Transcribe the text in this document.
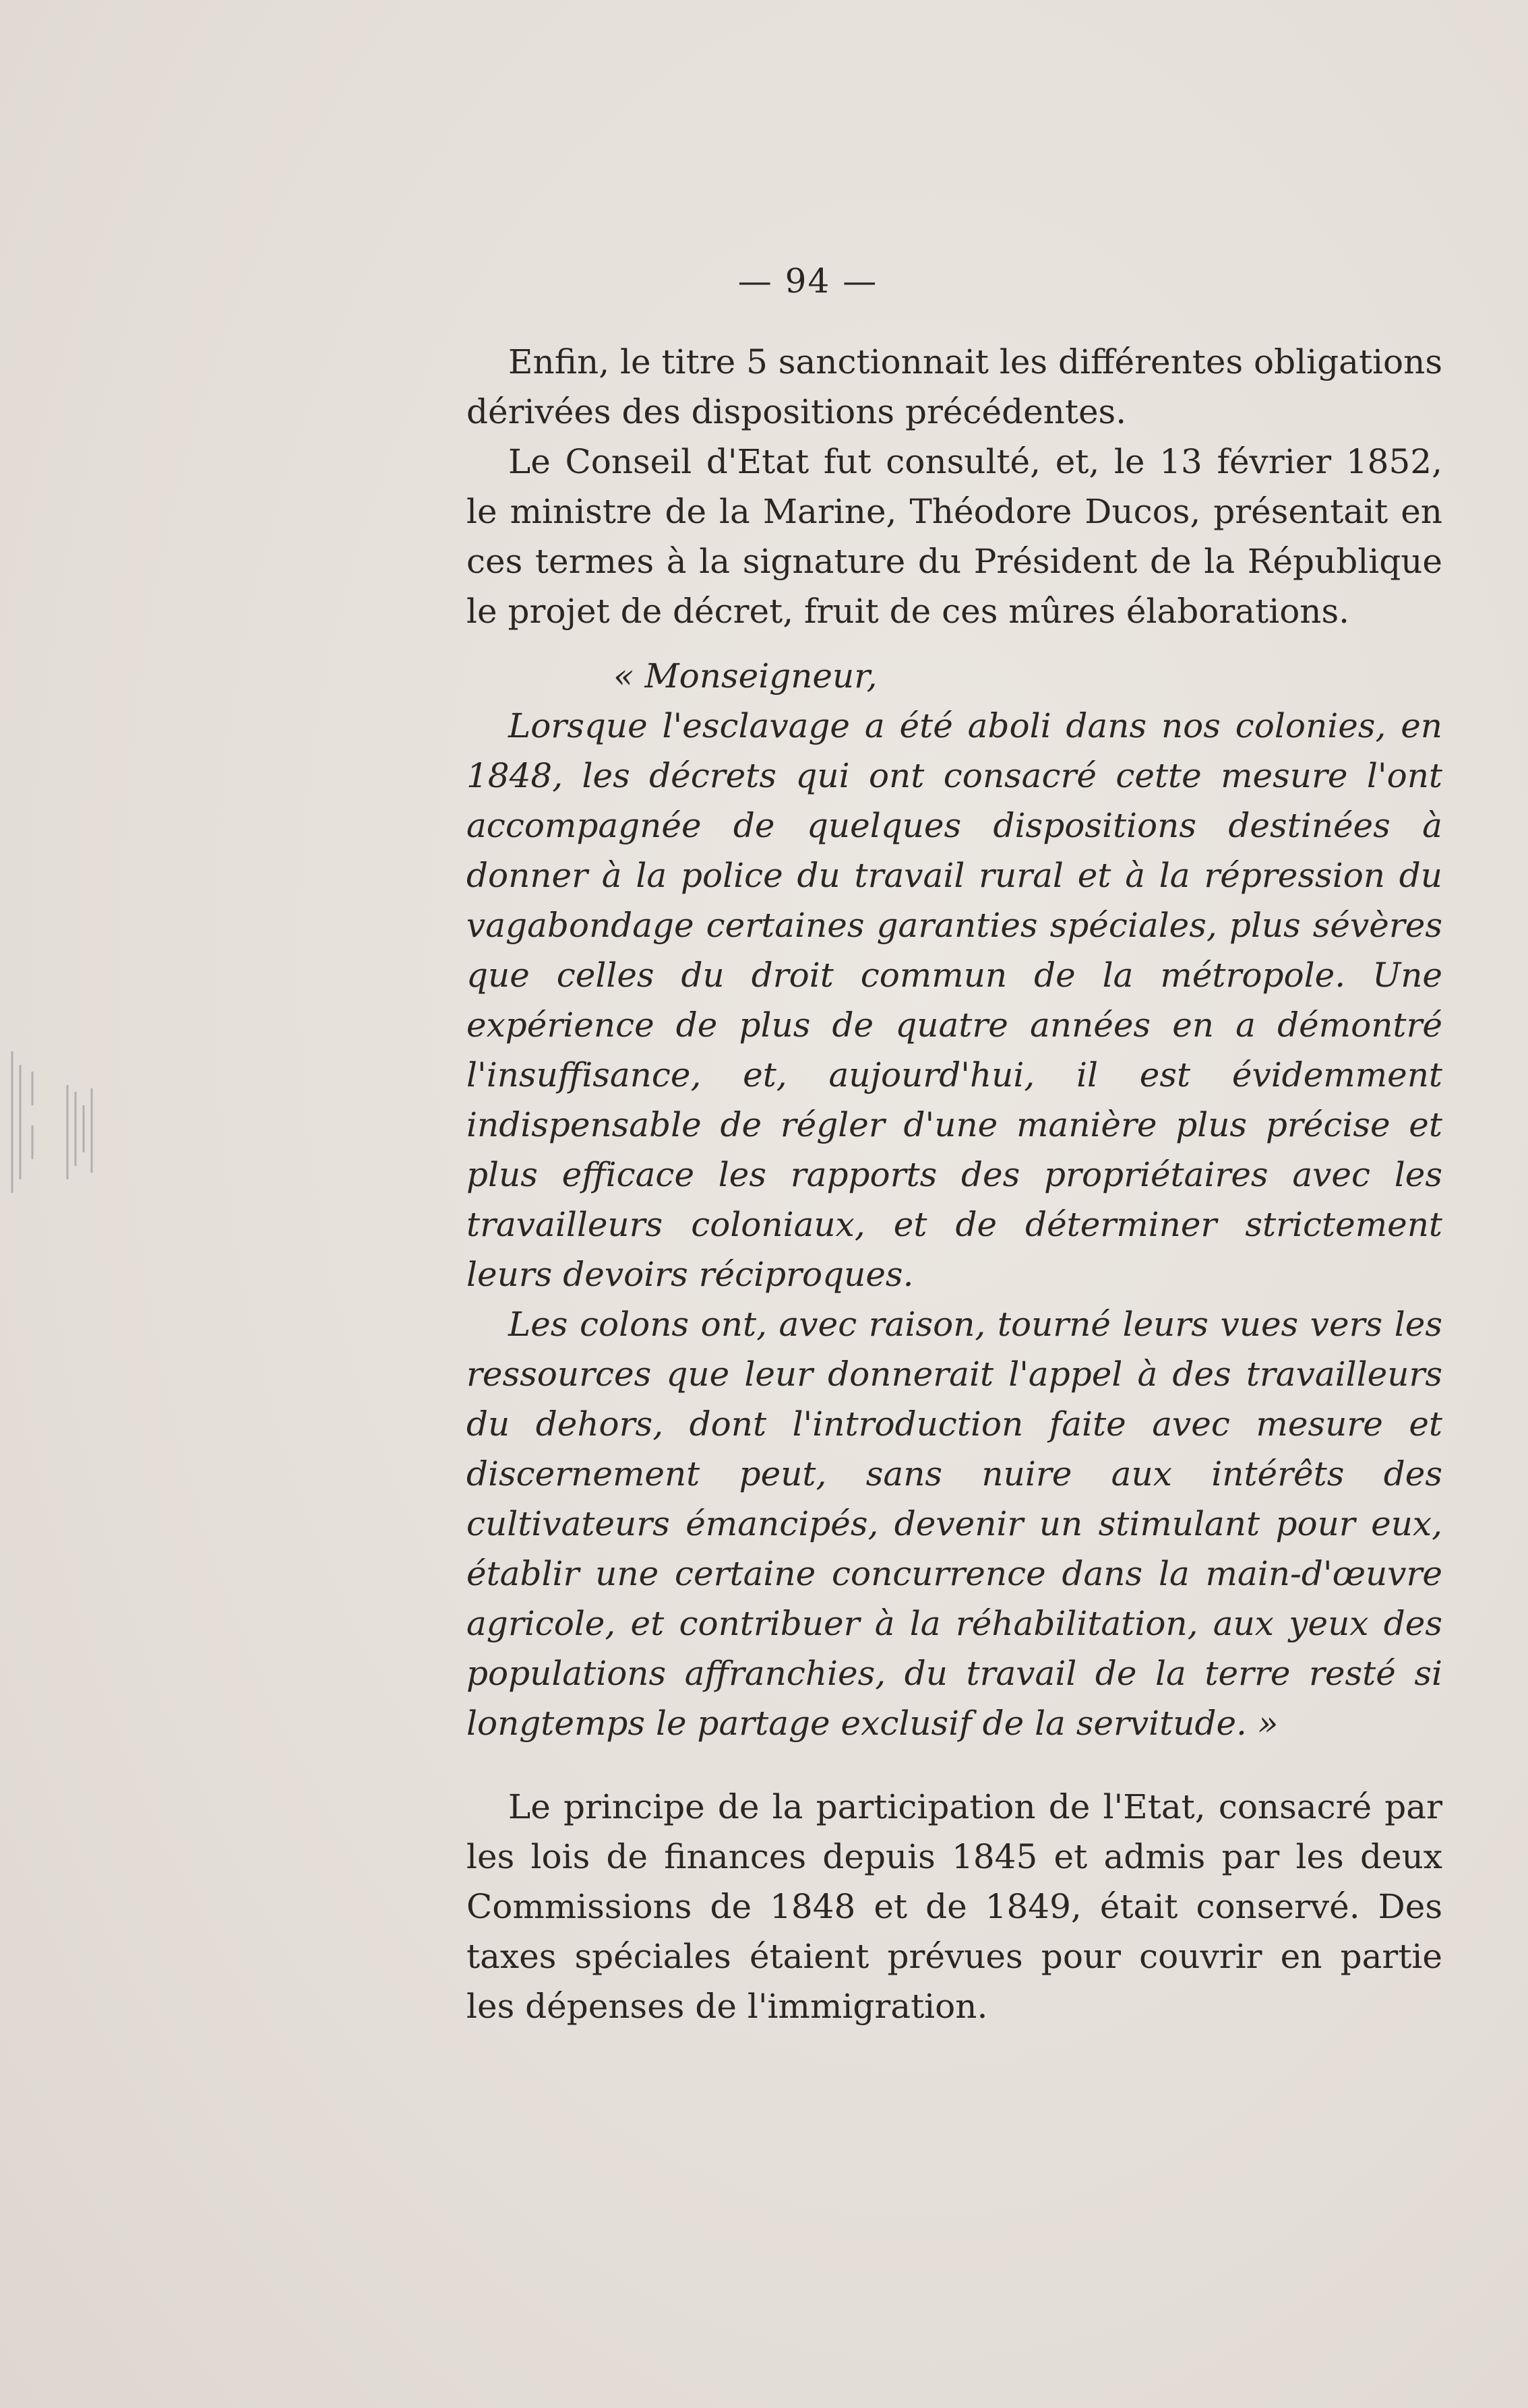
— 94 —

Enfin, le titre 5 sanctionnait les différentes obligations dérivées des dispositions précédentes.

Le Conseil d'Etat fut consulté, et, le 13 février 1852, le ministre de la Marine, Théodore Ducos, présentait en ces termes à la signature du Président de la République le projet de décret, fruit de ces mûres élaborations.

« Monseigneur,

Lorsque l'esclavage a été aboli dans nos colonies, en 1848, les décrets qui ont consacré cette mesure l'ont accompagnée de quelques dispositions destinées à donner à la police du travail rural et à la répression du vagabondage certaines garanties spéciales, plus sévères que celles du droit commun de la métropole. Une expérience de plus de quatre années en a démontré l'insuffisance, et, aujourd'hui, il est évidemment indispensable de régler d'une manière plus précise et plus efficace les rapports des propriétaires avec les travailleurs coloniaux, et de déterminer strictement leurs devoirs réciproques.

Les colons ont, avec raison, tourné leurs vues vers les ressources que leur donnerait l'appel à des travailleurs du dehors, dont l'introduction faite avec mesure et discernement peut, sans nuire aux intérêts des cultivateurs émancipés, devenir un stimulant pour eux, établir une certaine concurrence dans la main-d'œuvre agricole, et contribuer à la réhabilitation, aux yeux des populations affranchies, du travail de la terre resté si longtemps le partage exclusif de la servitude. »

Le principe de la participation de l'Etat, consacré par les lois de finances depuis 1845 et admis par les deux Commissions de 1848 et de 1849, était conservé. Des taxes spéciales étaient prévues pour couvrir en partie les dépenses de l'immigration.
